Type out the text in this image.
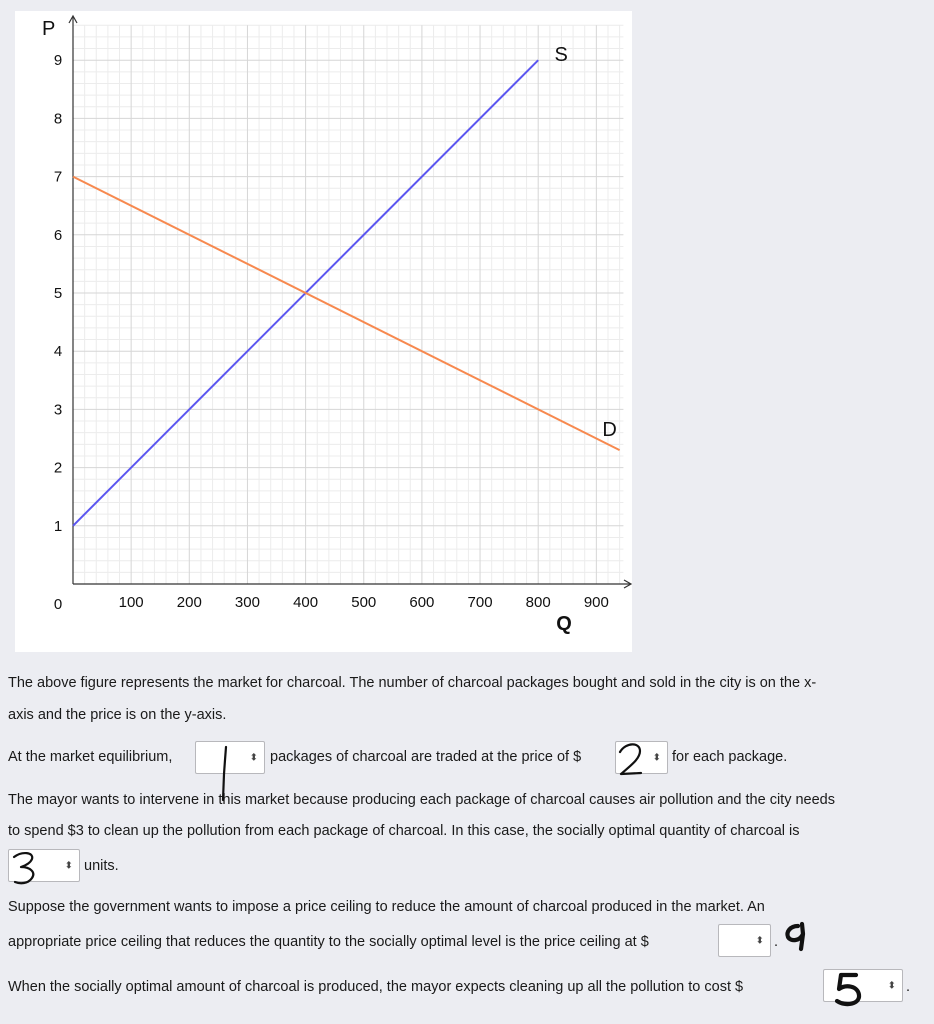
P
Q
0	100 200 300 400 500 600 700 800 900
1
2
3
4
5
6
7
8
9	S
D
The above figure represents the market for charcoal. The number of charcoal packages bought and sold in the city is on the x-
axis and the price is on the y-axis.
At the market equilibrium,	⬍ packages of charcoal are traded at the price of $	⬍ for each package.
The mayor wants to intervene in this market because producing each package of charcoal causes air pollution and the city needs
to spend $3 to clean up the pollution from each package of charcoal. In this case, the socially optimal quantity of charcoal is
⬍ units.
Suppose the government wants to impose a price ceiling to reduce the amount of charcoal produced in the market. An
appropriate price ceiling that reduces the quantity to the socially optimal level is the price ceiling at $	⬍ .
When the socially optimal amount of charcoal is produced, the mayor expects cleaning up all the pollution to cost $	⬍ .
